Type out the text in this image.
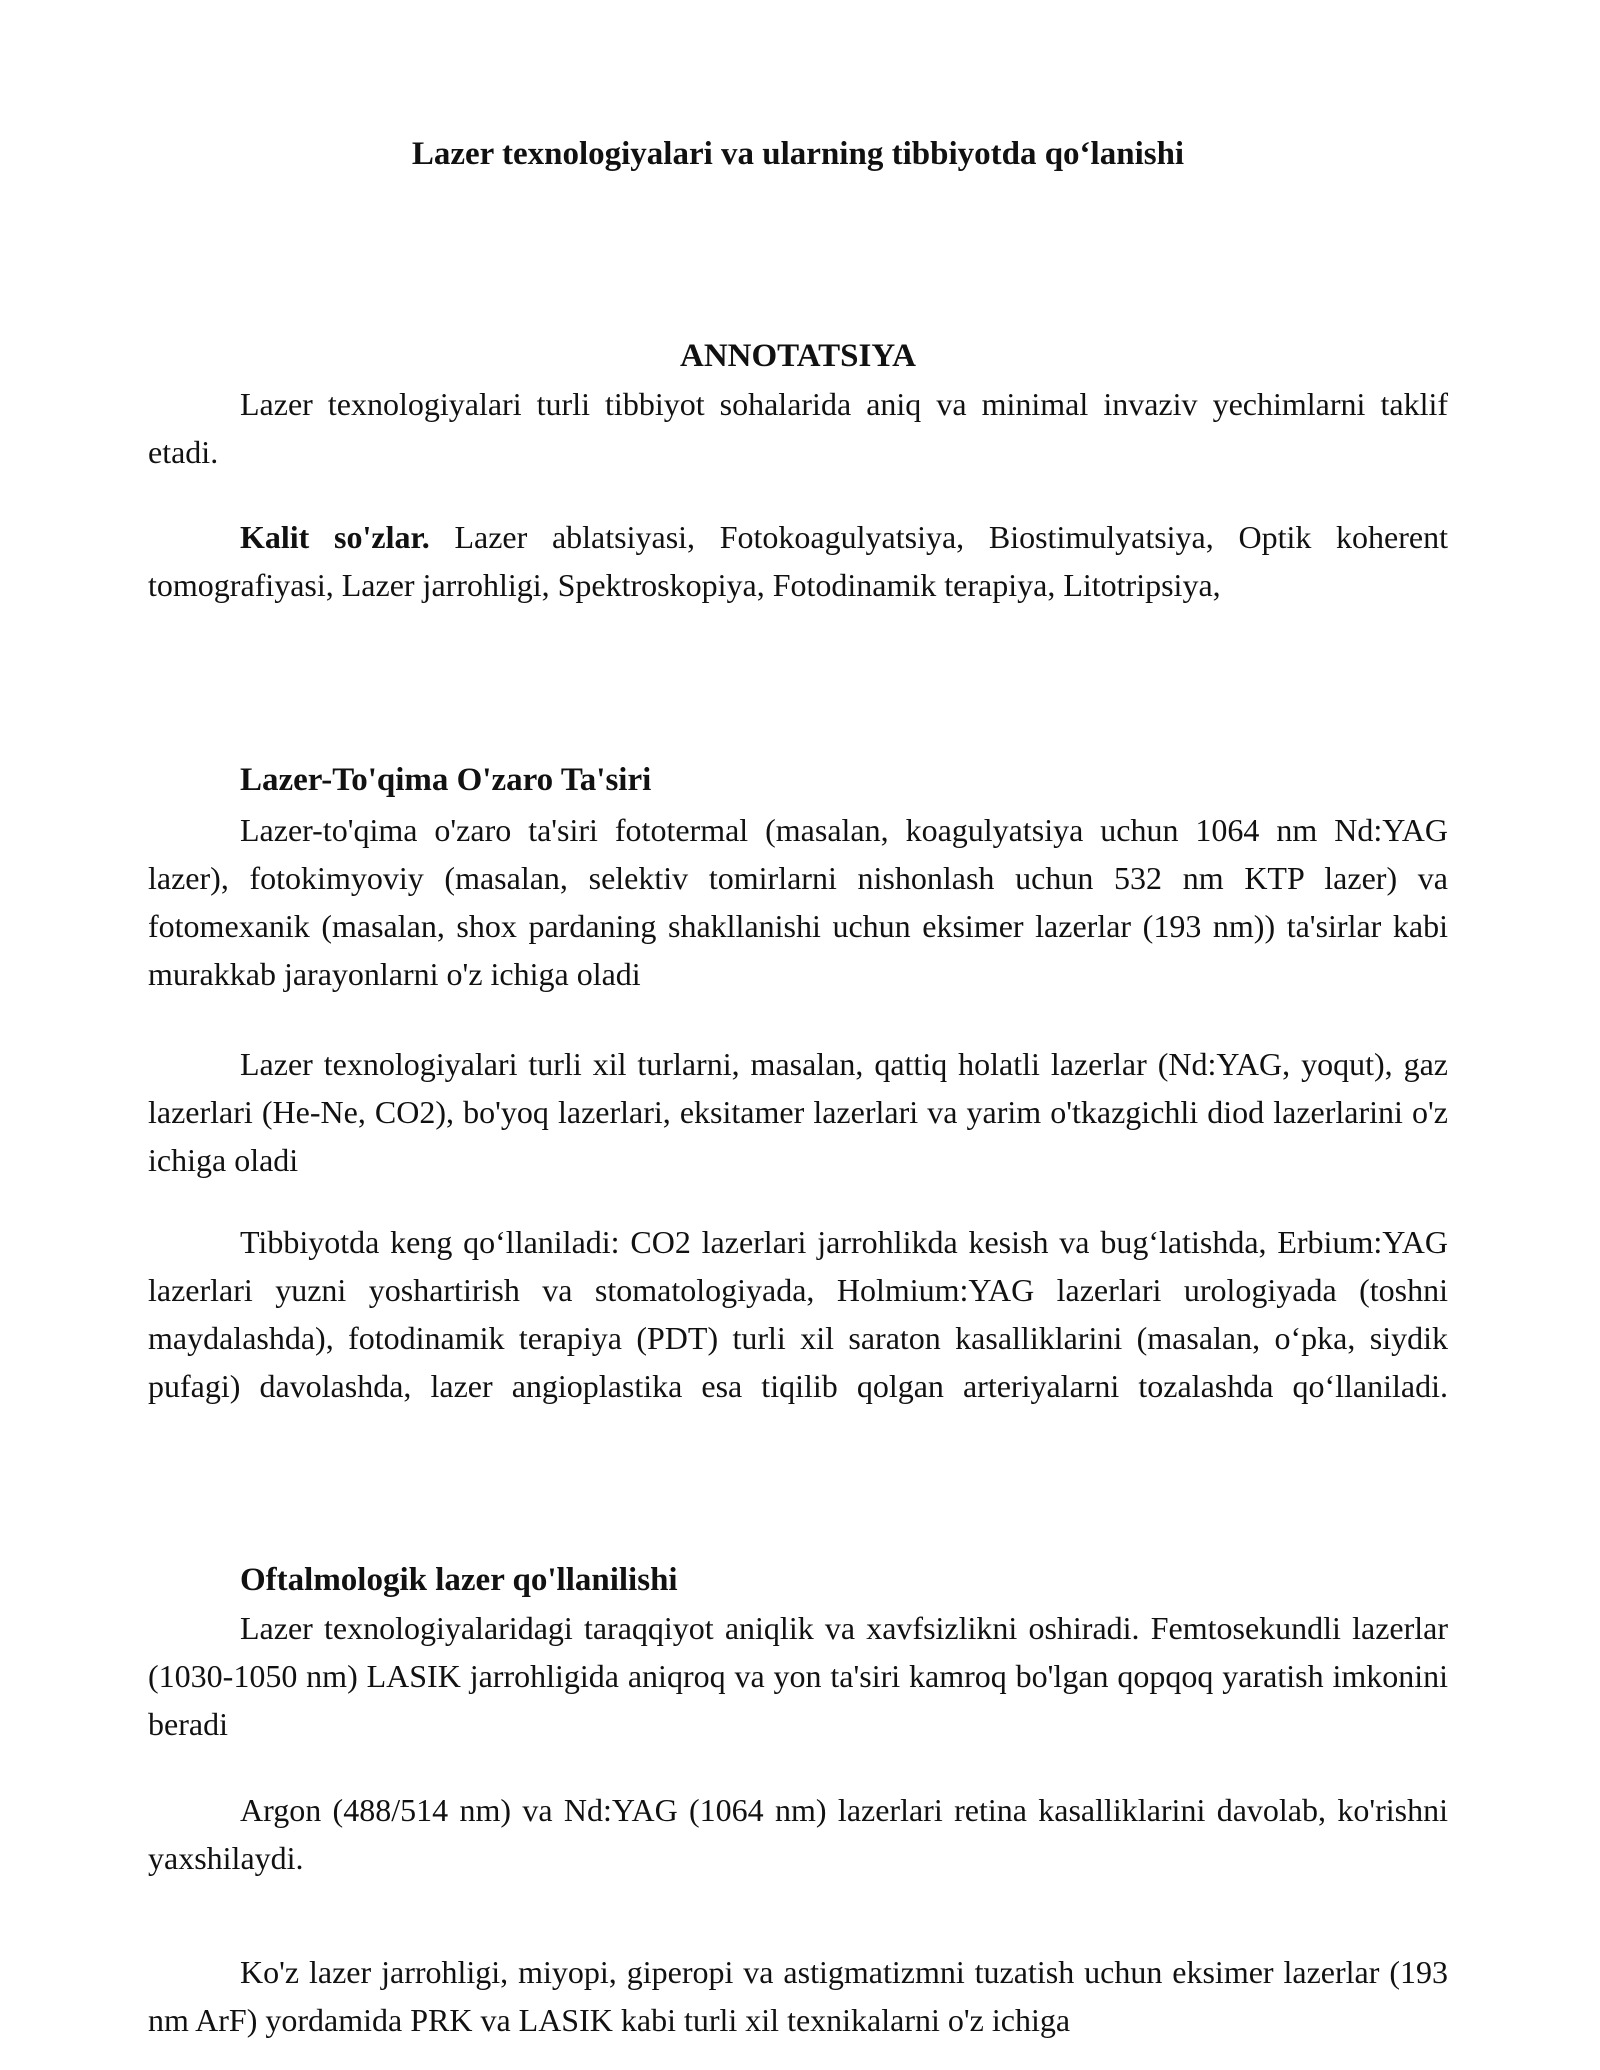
Lazer texnologiyalari va ularning tibbiyotda qo‘lanishi
ANNOTATSIYA

Lazer texnologiyalari turli tibbiyot sohalarida aniq va minimal invaziv yechimlarni taklif etadi.

Kalit so'zlar. Lazer ablatsiyasi, Fotokoagulyatsiya, Biostimulyatsiya, Optik koherent tomografiyasi, Lazer jarrohligi, Spektroskopiya, Fotodinamik terapiya, Litotripsiya,

Lazer-To'qima O'zaro Ta'siri

Lazer-to'qima o'zaro ta'siri fototermal (masalan, koagulyatsiya uchun 1064 nm Nd:YAG lazer), fotokimyoviy (masalan, selektiv tomirlarni nishonlash uchun 532 nm KTP lazer) va fotomexanik (masalan, shox pardaning shakllanishi uchun eksimer lazerlar (193 nm)) ta'sirlar kabi murakkab jarayonlarni o'z ichiga oladi

Lazer texnologiyalari turli xil turlarni, masalan, qattiq holatli lazerlar (Nd:YAG, yoqut), gaz lazerlari (He-Ne, CO2), bo'yoq lazerlari, eksitamer lazerlari va yarim o'tkazgichli diod lazerlarini o'z ichiga oladi

Tibbiyotda keng qo‘llaniladi: CO2 lazerlari jarrohlikda kesish va bug‘latishda, Erbium:YAG lazerlari yuzni yoshartirish va stomatologiyada, Holmium:YAG lazerlari urologiyada (toshni maydalashda), fotodinamik terapiya (PDT) turli xil saraton kasalliklarini (masalan, o‘pka, siydik pufagi) davolashda, lazer angioplastika esa tiqilib qolgan arteriyalarni tozalashda qo‘llaniladi.

Oftalmologik lazer qo'llanilishi

Lazer texnologiyalaridagi taraqqiyot aniqlik va xavfsizlikni oshiradi. Femtosekundli lazerlar (1030-1050 nm) LASIK jarrohligida aniqroq va yon ta'siri kamroq bo'lgan qopqoq yaratish imkonini beradi

Argon (488/514 nm) va Nd:YAG (1064 nm) lazerlari retina kasalliklarini davolab, ko'rishni yaxshilaydi.

Ko'z lazer jarrohligi, miyopi, giperopi va astigmatizmni tuzatish uchun eksimer lazerlar (193 nm ArF) yordamida PRK va LASIK kabi turli xil texnikalarni o'z ichiga
